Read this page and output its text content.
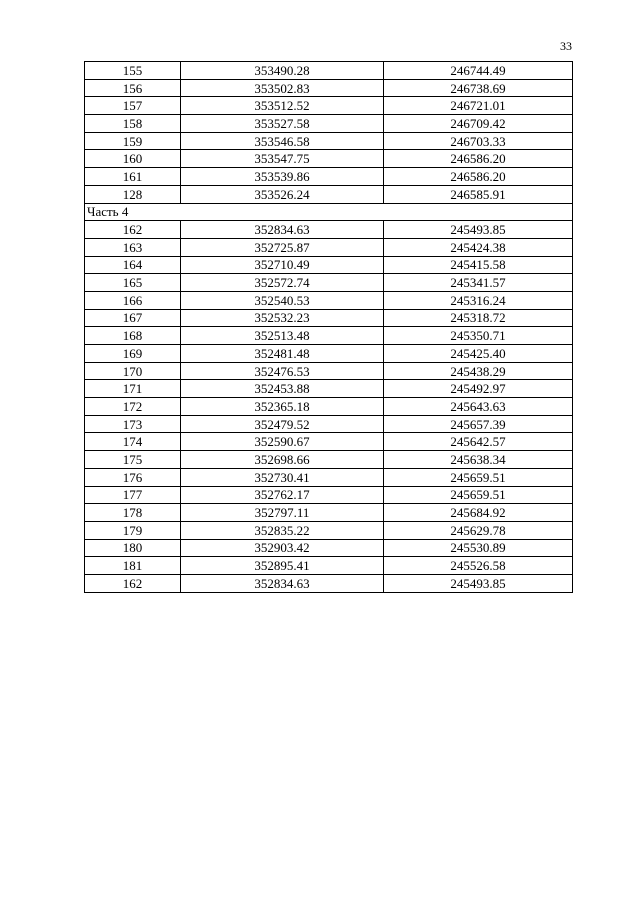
33
155	353490.28	246744.49
156	353502.83	246738.69
157	353512.52	246721.01
158	353527.58	246709.42
159	353546.58	246703.33
160	353547.75	246586.20
161	353539.86	246586.20
128	353526.24	246585.91
Часть 4		
162	352834.63	245493.85
163	352725.87	245424.38
164	352710.49	245415.58
165	352572.74	245341.57
166	352540.53	245316.24
167	352532.23	245318.72
168	352513.48	245350.71
169	352481.48	245425.40
170	352476.53	245438.29
171	352453.88	245492.97
172	352365.18	245643.63
173	352479.52	245657.39
174	352590.67	245642.57
175	352698.66	245638.34
176	352730.41	245659.51
177	352762.17	245659.51
178	352797.11	245684.92
179	352835.22	245629.78
180	352903.42	245530.89
181	352895.41	245526.58
162	352834.63	245493.85
